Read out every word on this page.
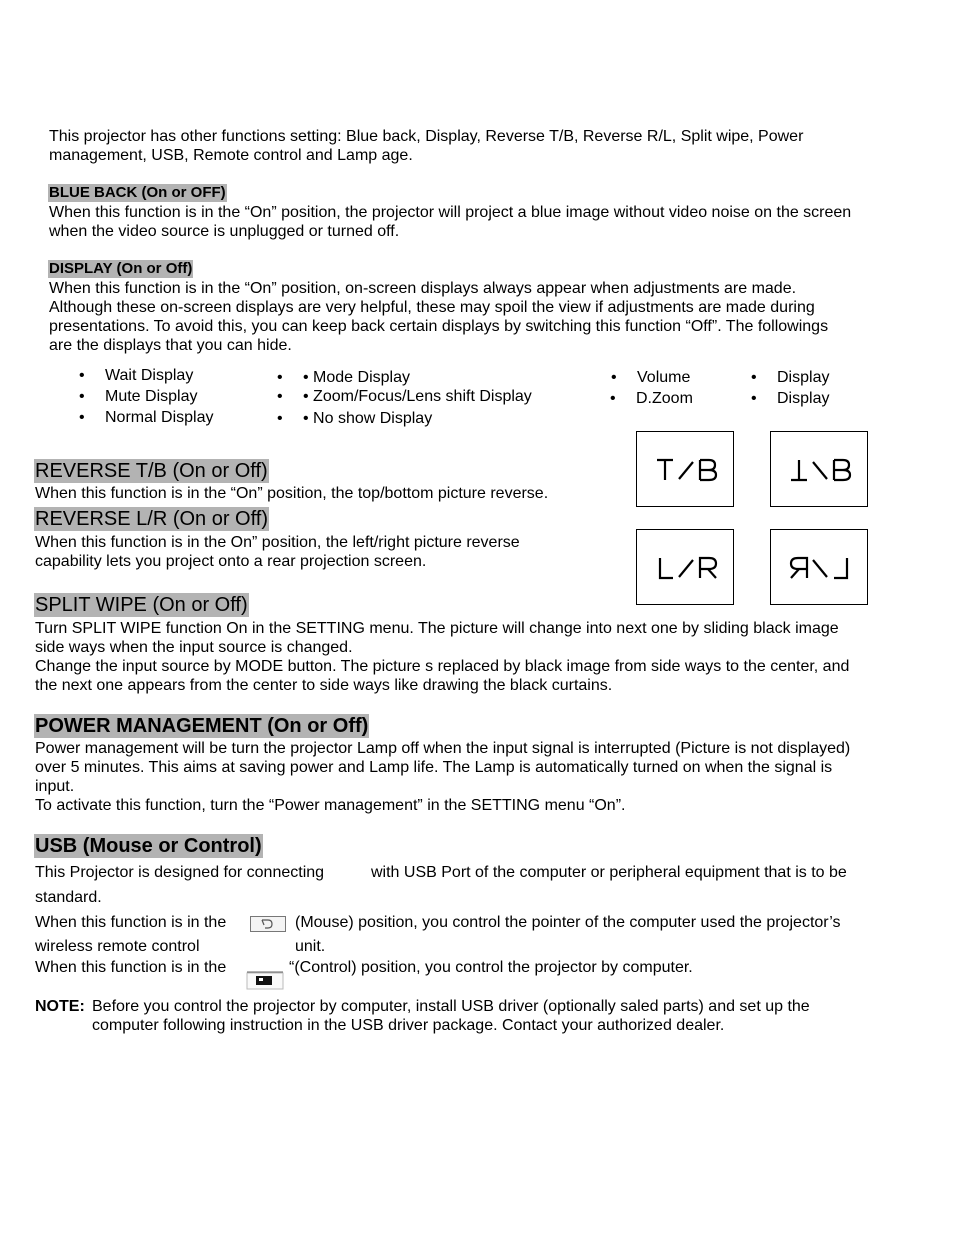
This projector has other functions setting: Blue back, Display, Reverse T/B, Reverse R/L, Split wipe, Power
management, USB, Remote control and Lamp age.
BLUE BACK (On or OFF)
When this function is in the “On” position, the projector will project a blue image without video noise on the screen
when the video source is unplugged or turned off.
DISPLAY (On or Off)
When this function is in the “On” position, on-screen displays always appear when adjustments are made.
Although these on-screen displays are very helpful, these may spoil the view if adjustments are made during
presentations. To avoid this, you can keep back certain displays by switching this function “Off”. The followings
are the displays that you can hide.
• Wait Display
• Mute Display
• Normal Display
• • Mode Display
• • Zoom/Focus/Lens shift Display
• • No show Display
• Volume
• D.Zoom
• Display
• Display
REVERSE T/B (On or Off)
When this function is in the “On” position, the top/bottom picture reverse.
REVERSE L/R (On or Off)
When this function is in the On” position, the left/right picture reverse
capability lets you project onto a rear projection screen.
SPLIT WIPE (On or Off)
Turn SPLIT WIPE function On in the SETTING menu. The picture will change into next one by sliding black image
side ways when the input source is changed.
Change the input source by MODE button. The picture s replaced by black image from side ways to the center, and
the next one appears from the center to side ways like drawing the black curtains.
POWER MANAGEMENT (On or Off)
Power management will be turn the projector Lamp off when the input signal is interrupted (Picture is not displayed)
over 5 minutes. This aims at saving power and Lamp life. The Lamp is automatically turned on when the signal is
input.
To activate this function, turn the “Power management” in the SETTING menu “On”.
USB (Mouse or Control)
This Projector is designed for connecting	with USB Port of the computer or peripheral equipment that is to be
standard.
When this function is in the	(Mouse) position, you control the pointer of the computer used the projector’s
wireless remote control	unit.
When this function is in the	“(Control) position, you control the projector by computer.
NOTE: Before you control the projector by computer, install USB driver (optionally saled parts) and set up the
computer following instruction in the USB driver package. Contact your authorized dealer.
